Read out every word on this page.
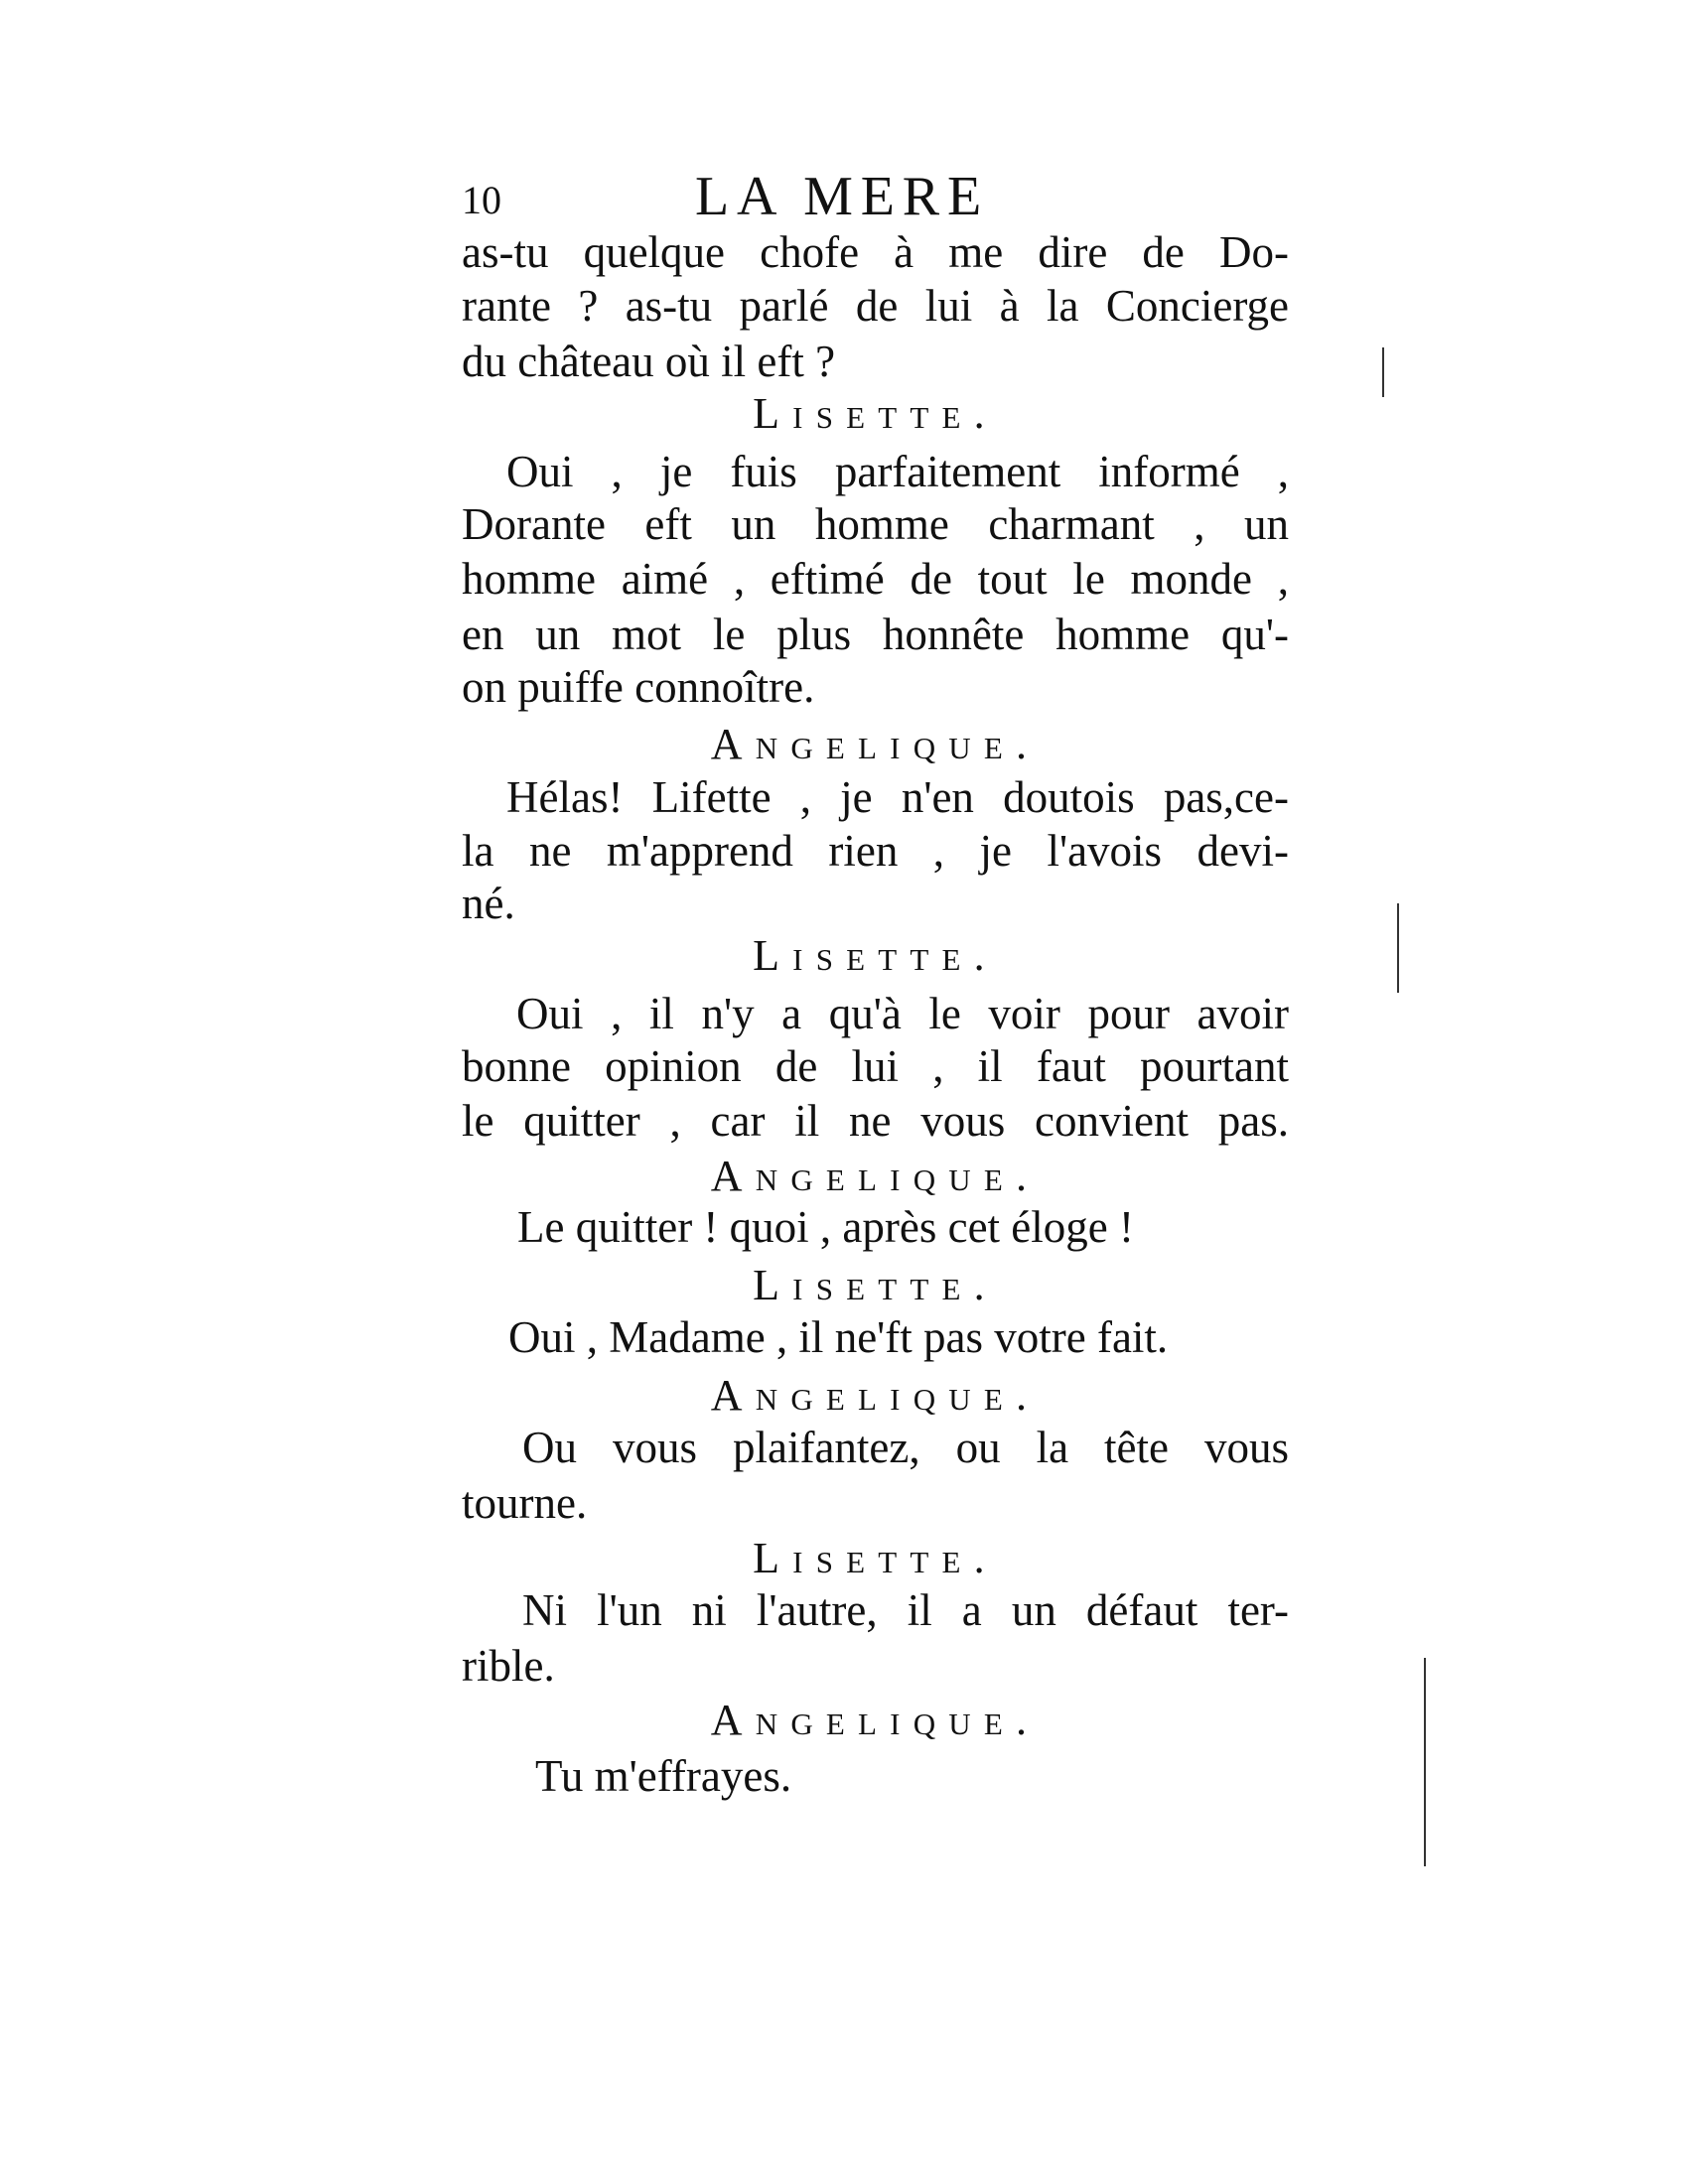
10	LA MERE
as-tu quelque chofe à me dire de Do-
rante ? as-tu parlé de lui à la Concierge
du château où il eft ?
Lisette.
Oui , je fuis parfaitement informé ,
Dorante eft un homme charmant , un
homme aimé , eftimé de tout le monde ,
en un mot le plus honnête homme qu'-
on puiffe connoître.
Angelique.
Hélas! Lifette , je n'en doutois pas,ce-
la ne m'apprend rien , je l'avois devi-
né.
Lisette.
Oui , il n'y a qu'à le voir pour avoir
bonne opinion de lui , il faut pourtant
le quitter , car il ne vous convient pas.
Angelique.
Le quitter ! quoi , après cet éloge !
Lisette.
Oui , Madame , il ne'ft pas votre fait.
Angelique.
Ou vous plaifantez, ou la tête vous
tourne.
Lisette.
Ni l'un ni l'autre, il a un défaut ter-
rible.
Angelique.
Tu m'effrayes.
